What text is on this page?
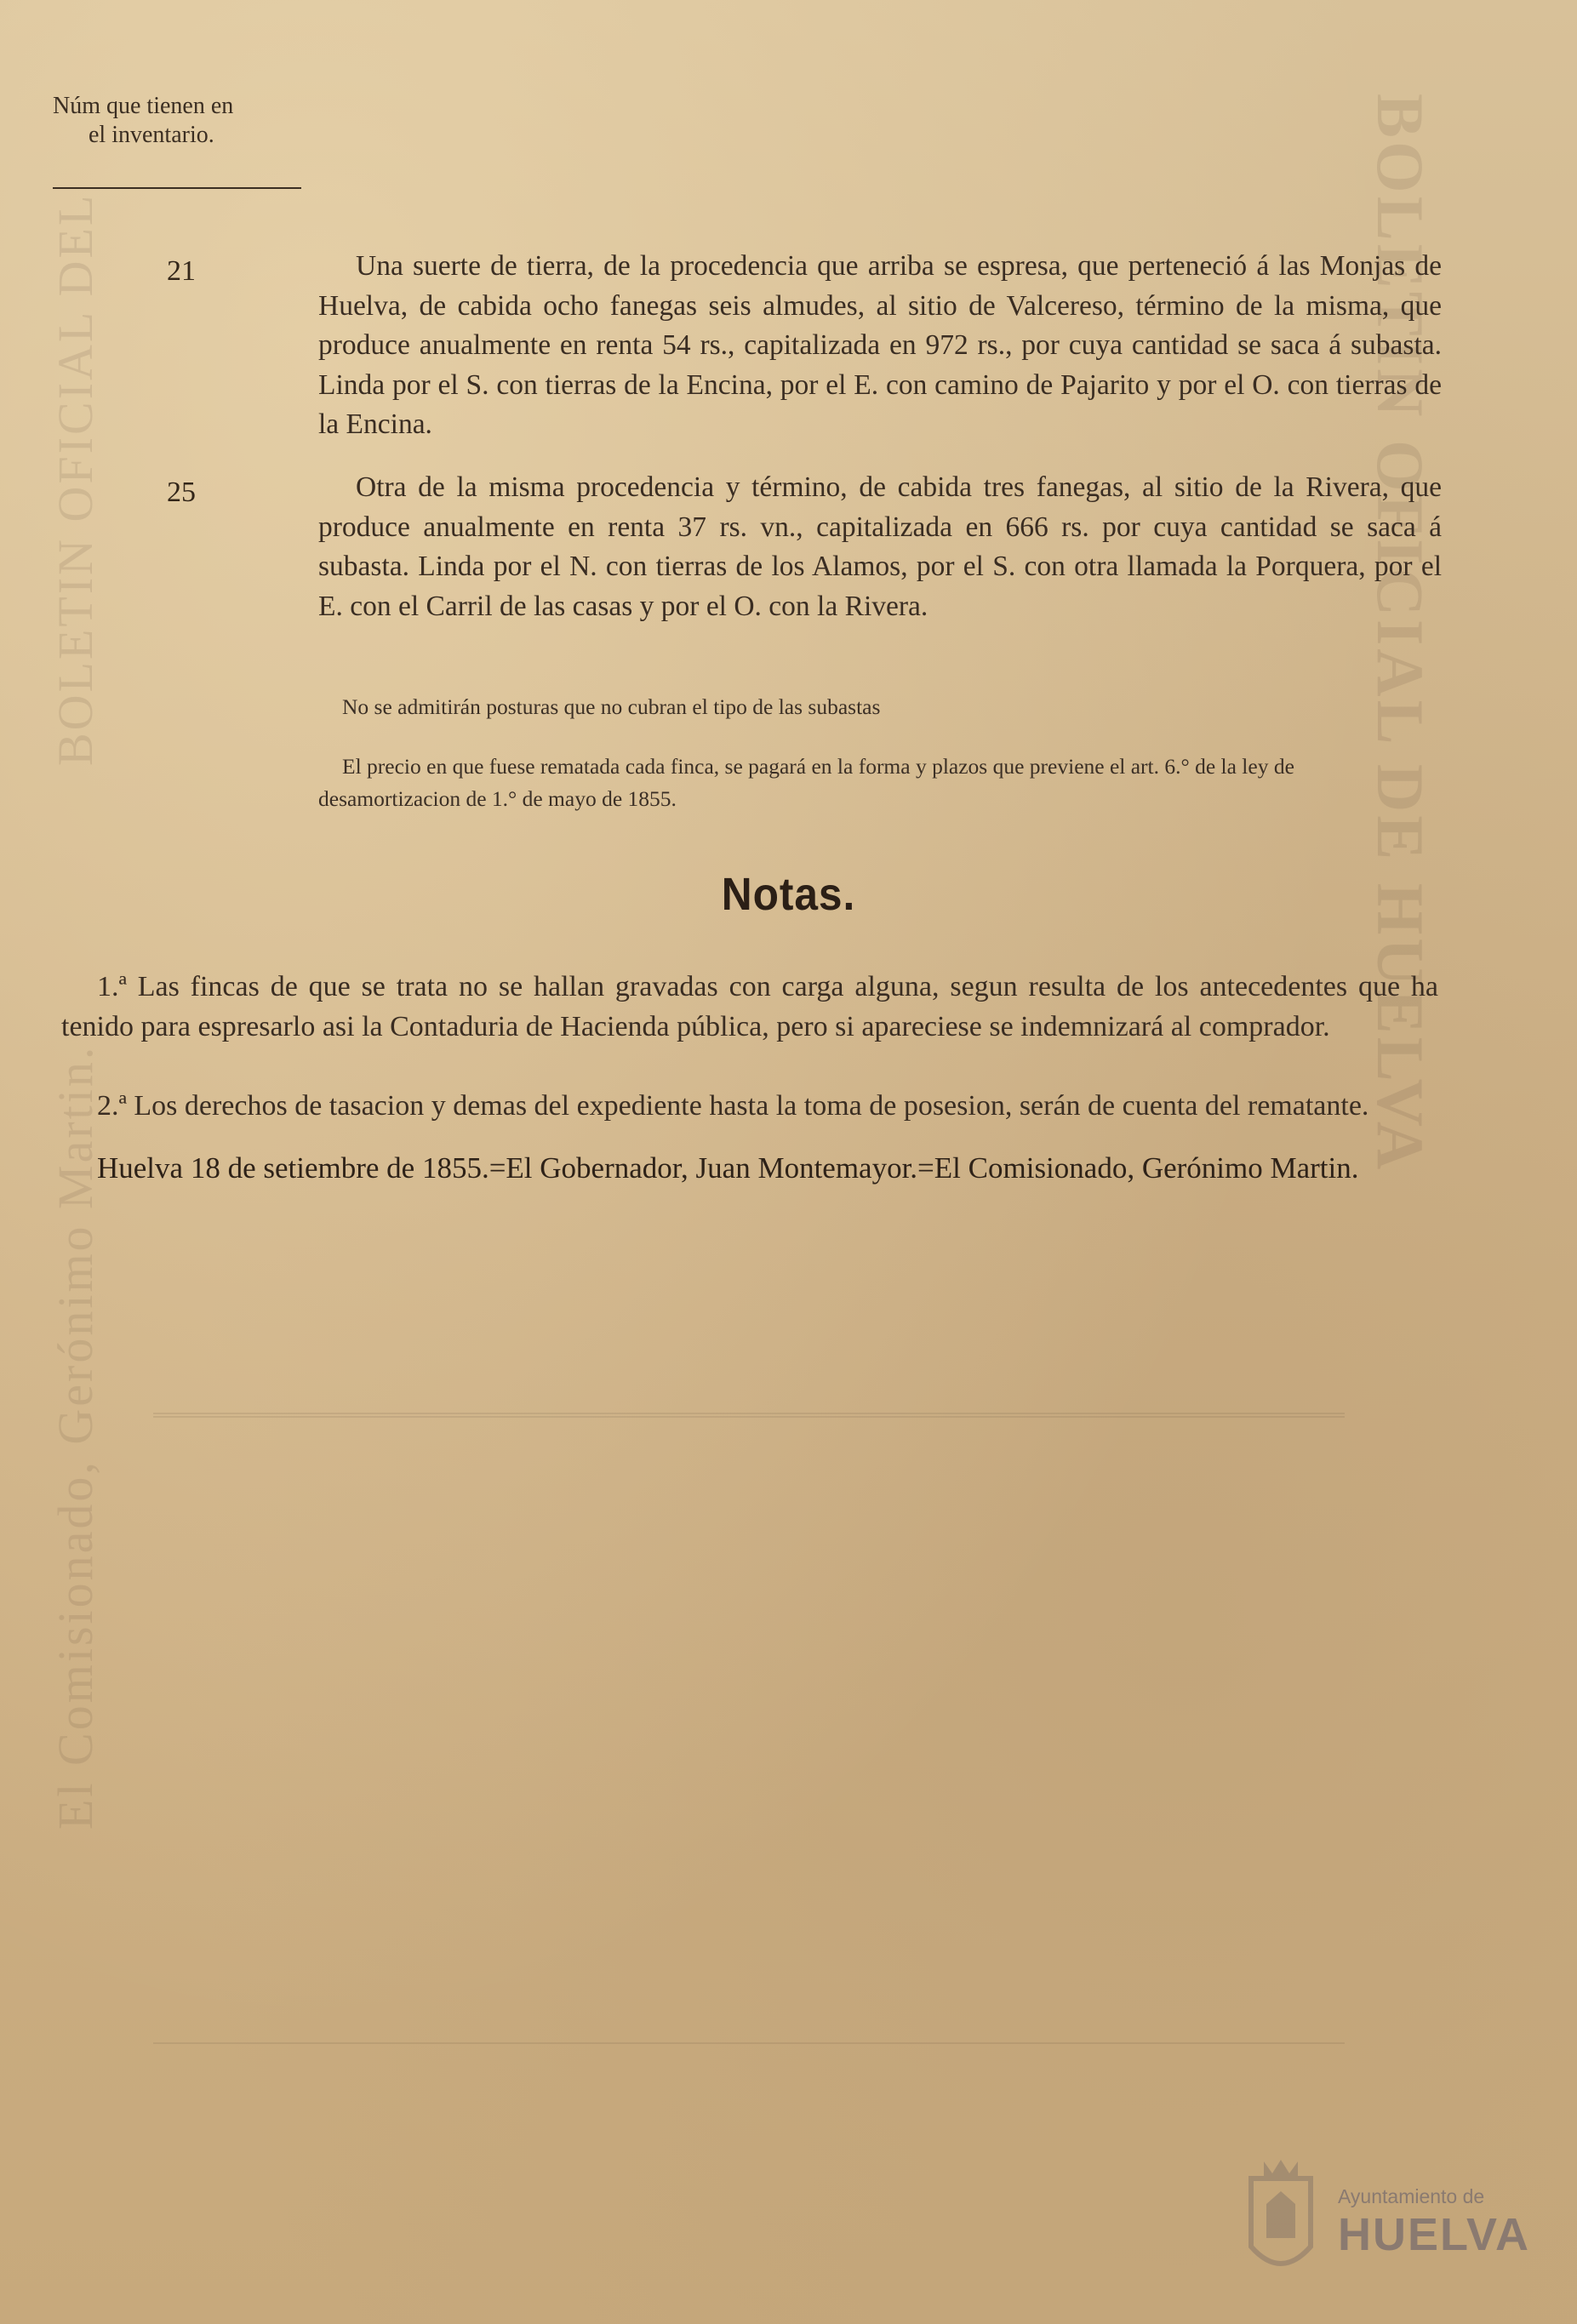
El Comisionado, Gerónimo Martin.
BOLETIN OFICIAL DEL	BOLETIN OFICIAL DE HUELVA
Núm que tienen en
el inventario.
21	Una suerte de tierra, de la procedencia que arriba se espresa, que perteneció á las Monjas de Huelva, de cabida ocho fanegas seis almudes, al sitio de Valcereso, término de la misma, que produce anualmente en renta 54 rs., capitalizada en 972 rs., por cuya cantidad se saca á subasta. Linda por el S. con tierras de la Encina, por el E. con camino de Pajarito y por el O. con tierras de la Encina.
25	Otra de la misma procedencia y término, de cabida tres fanegas, al sitio de la Rivera, que produce anualmente en renta 37 rs. vn., capitalizada en 666 rs. por cuya cantidad se saca á subasta. Linda por el N. con tierras de los Alamos, por el S. con otra llamada la Porquera, por el E. con el Carril de las casas y por el O. con la Rivera.
No se admitirán posturas que no cubran el tipo de las subastas
El precio en que fuese rematada cada finca, se pagará en la forma y plazos que previene el art. 6.° de la ley de desamortizacion de 1.° de mayo de 1855.
Notas.
1.ª Las fincas de que se trata no se hallan gravadas con carga alguna, segun resulta de los antecedentes que ha tenido para espresarlo asi la Contaduria de Hacienda pública, pero si apareciese se indemnizará al comprador.
2.ª Los derechos de tasacion y demas del expediente hasta la toma de posesion, serán de cuenta del rematante.
Huelva 18 de setiembre de 1855.=El Gobernador, Juan Montemayor.=El Comisionado, Gerónimo Martin.
Ayuntamiento de
HUELVA
